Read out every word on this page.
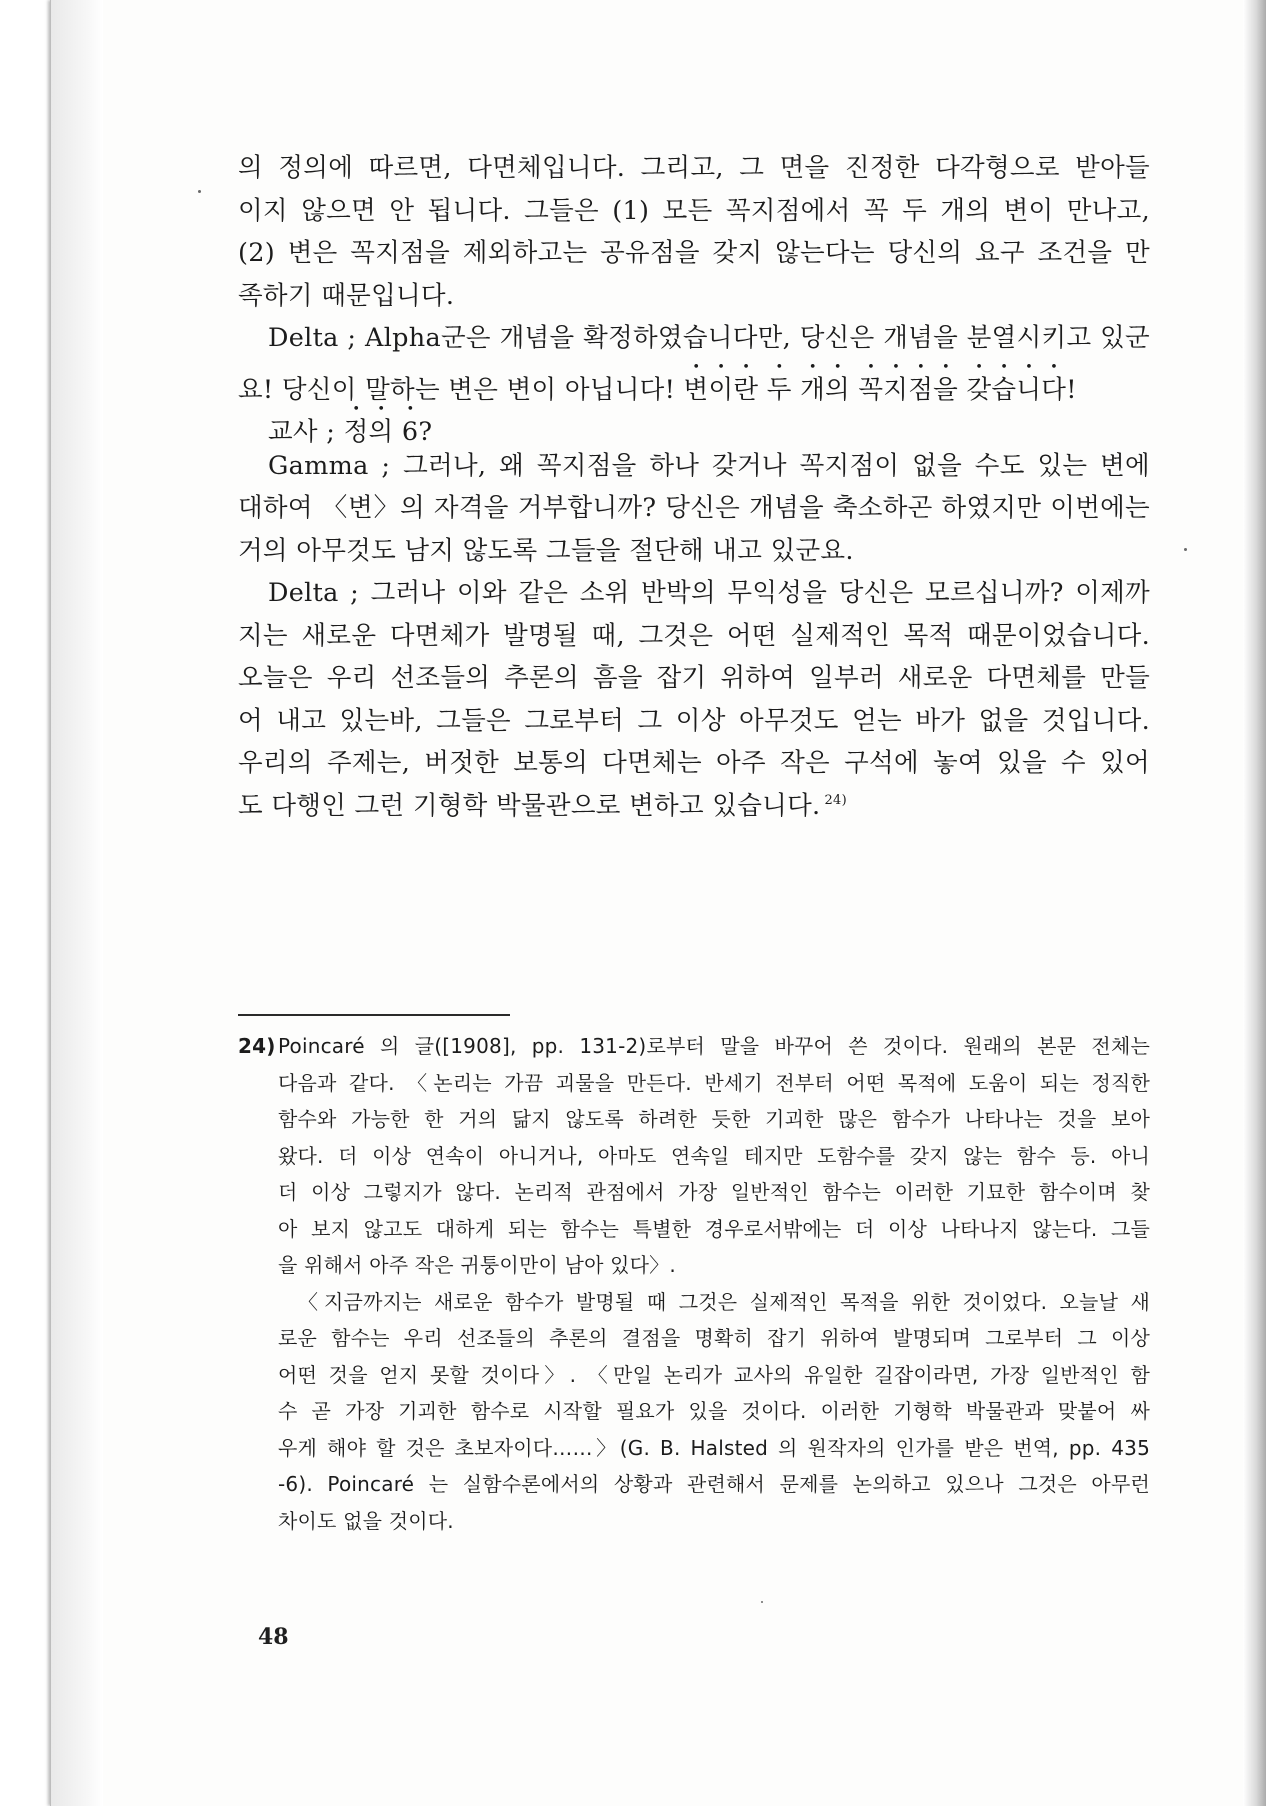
의 정의에 따르면, 다면체입니다. 그리고, 그 면을 진정한 다각형으로 받아들
이지 않으면 안 됩니다. 그들은 (1) 모든 꼭지점에서 꼭 두 개의 변이 만나고,
(2) 변은 꼭지점을 제외하고는 공유점을 갖지 않는다는 당신의 요구 조건을 만
족하기 때문입니다.
Delta ; Alpha군은 개념을 확정하였습니다만, 당신은 개념을 분열시키고 있군
요! 당신이 말하는 변은 변이 아닙니다! 변이란 두 개의 꼭지점을 갖습니다!
교사 ; 정의 6?
Gamma ; 그러나, 왜 꼭지점을 하나 갖거나 꼭지점이 없을 수도 있는 변에
대하여 〈변〉의 자격을 거부합니까? 당신은 개념을 축소하곤 하였지만 이번에는
거의 아무것도 남지 않도록 그들을 절단해 내고 있군요.
Delta ; 그러나 이와 같은 소위 반박의 무익성을 당신은 모르십니까? 이제까
지는 새로운 다면체가 발명될 때, 그것은 어떤 실제적인 목적 때문이었습니다.
오늘은 우리 선조들의 추론의 흠을 잡기 위하여 일부러 새로운 다면체를 만들
어 내고 있는바, 그들은 그로부터 그 이상 아무것도 얻는 바가 없을 것입니다.
우리의 주제는, 버젓한 보통의 다면체는 아주 작은 구석에 놓여 있을 수 있어
도 다행인 그런 기형학 박물관으로 변하고 있습니다. $^{24)}$
24) Poincaré 의 글([1908], pp. 131-2)로부터 말을 바꾸어 쓴 것이다. 원래의 본문 전체는
다음과 같다. 〈논리는 가끔 괴물을 만든다. 반세기 전부터 어떤 목적에 도움이 되는 정직한
함수와 가능한 한 거의 닮지 않도록 하려한 듯한 기괴한 많은 함수가 나타나는 것을 보아
왔다. 더 이상 연속이 아니거나, 아마도 연속일 테지만 도함수를 갖지 않는 함수 등. 아니
더 이상 그렇지가 않다. 논리적 관점에서 가장 일반적인 함수는 이러한 기묘한 함수이며 찾
아 보지 않고도 대하게 되는 함수는 특별한 경우로서밖에는 더 이상 나타나지 않는다. 그들
을 위해서 아주 작은 귀퉁이만이 남아 있다〉.
〈지금까지는 새로운 함수가 발명될 때 그것은 실제적인 목적을 위한 것이었다. 오늘날 새
로운 함수는 우리 선조들의 추론의 결점을 명확히 잡기 위하여 발명되며 그로부터 그 이상
어떤 것을 얻지 못할 것이다〉. 〈만일 논리가 교사의 유일한 길잡이라면, 가장 일반적인 함
수 곧 가장 기괴한 함수로 시작할 필요가 있을 것이다. 이러한 기형학 박물관과 맞붙어 싸
우게 해야 할 것은 초보자이다……〉(G. B. Halsted 의 원작자의 인가를 받은 번역, pp. 435
-6). Poincaré 는 실함수론에서의 상황과 관련해서 문제를 논의하고 있으나 그것은 아무런
차이도 없을 것이다.
48
